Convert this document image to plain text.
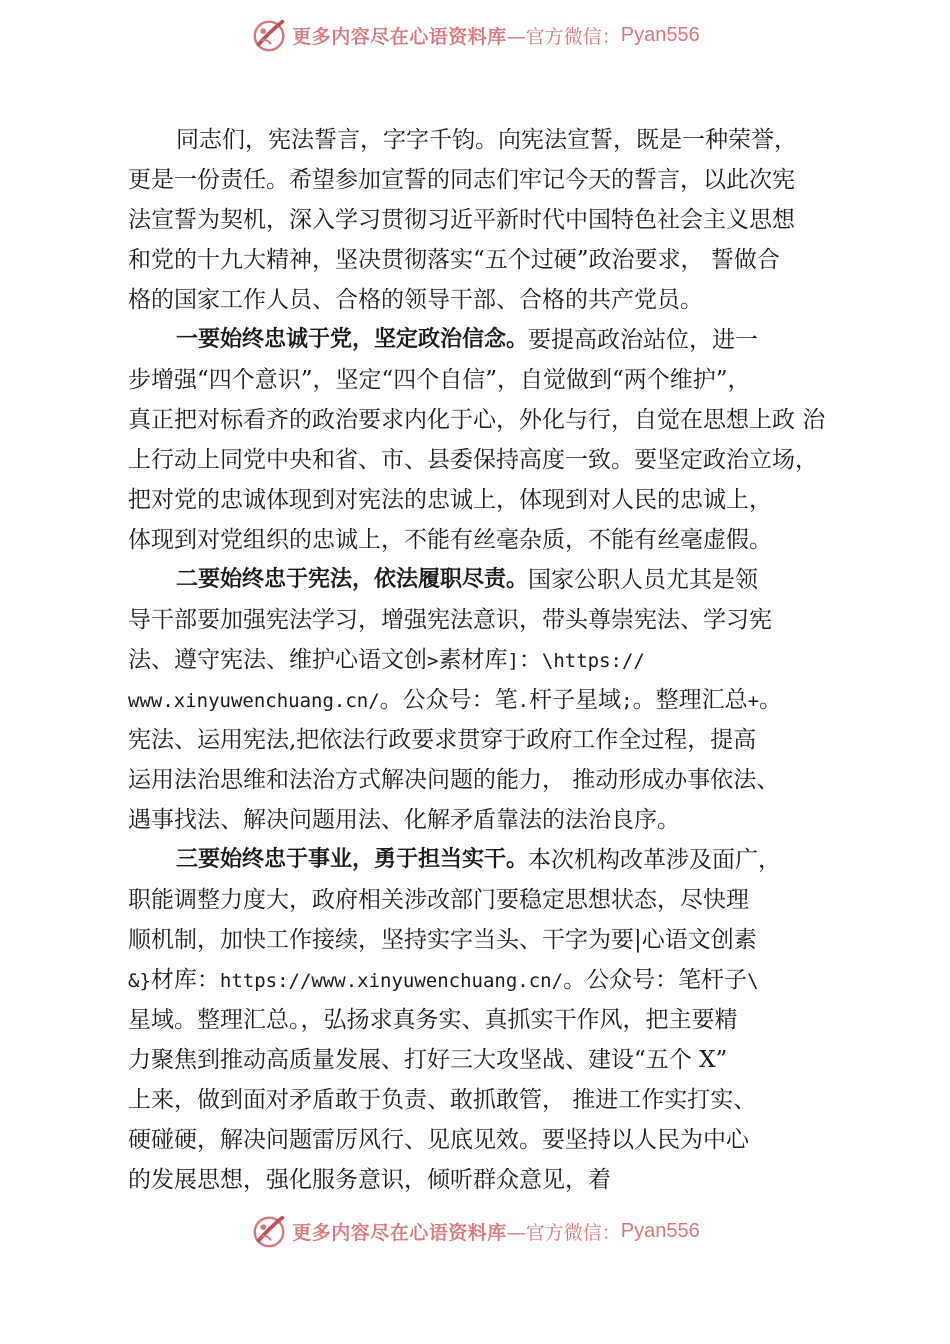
更多内容尽在心语资料库 —官方微信： Pyan556
同志们，宪法誓言，字字千钧。向宪法宣誓，既是一种荣誉，
更是一份责任。希望参加宣誓的同志们牢记今天的誓言，以此次宪
法宣誓为契机，深入学习贯彻习近平新时代中国特色社会主义思想
和党的十九大精神，坚决贯彻落实“五个过硬”政治要求， 誓做合
格的国家工作人员、合格的领导干部、合格的共产党员。
一要始终忠诚于党，坚定政治信念。 要提高政治站位，进一
步增强“四个意识”，坚定“四个自信”，自觉做到“两个维护”，
真正把对标看齐的政治要求内化于心，外化与行，自觉在思想上政 治
上行动上同党中央和省、市、县委保持高度一致。要坚定政治立场，
把对党的忠诚体现到对宪法的忠诚上，体现到对人民的忠诚上，
体现到对党组织的忠诚上，不能有丝毫杂质，不能有丝毫虚假。
二要始终忠于宪法，依法履职尽责。 国家公职人员尤其是领
导干部要加强宪法学习，增强宪法意识，带头尊崇宪法、学习宪
法、遵守宪法、维护心语文创>素材库]：\https://
www.xinyuwenchuang.cn/。公众号：笔.杆子星域;。整理汇总+。
宪法、运用宪法,把依法行政要求贯穿于政府工作全过程，提高
运用法治思维和法治方式解决问题的能力， 推动形成办事依法、
遇事找法、解决问题用法、化解矛盾靠法的法治良序。
三要始终忠于事业，勇于担当实干。 本次机构改革涉及面广，
职能调整力度大，政府相关涉改部门要稳定思想状态，尽快理
顺机制，加快工作接续，坚持实字当头、干字为要|心语文创素
&}材库：https://www.xinyuwenchuang.cn/。公众号：笔杆子\
星域。整理汇总。，弘扬求真务实、真抓实干作风，把主要精
力聚焦到推动高质量发展、打好三大攻坚战、建设“五个 X”
上来，做到面对矛盾敢于负责、敢抓敢管， 推进工作实打实、
硬碰硬，解决问题雷厉风行、见底见效。要坚持以人民为中心
的发展思想，强化服务意识，倾听群众意见，着
更多内容尽在心语资料库 —官方微信： Pyan556
